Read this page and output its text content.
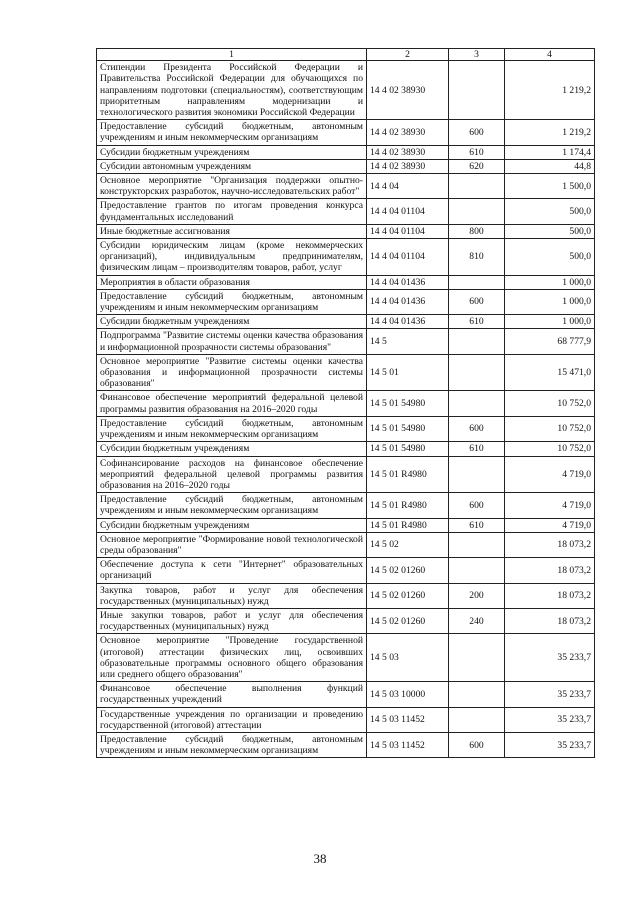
1	2	3	4
Стипендии Президента Российской Федерации и Правительства Российской Федерации для обучающихся по направлениям подготовки (специальностям), соответствующим приоритетным направлениям модернизации и технологического развития экономики Российской Федерации	14 4 02 38930		1 219,2
Предоставление субсидий бюджетным, автономным учреждениям и иным некоммерческим организациям	14 4 02 38930	600	1 219,2
Субсидии бюджетным учреждениям	14 4 02 38930	610	1 174,4
Субсидии автономным учреждениям	14 4 02 38930	620	44,8
Основное мероприятие "Организация поддержки опытно-конструкторских разработок, научно-исследовательских работ"	14 4 04		1 500,0
Предоставление грантов по итогам проведения конкурса фундаментальных исследований	14 4 04 01104		500,0
Иные бюджетные ассигнования	14 4 04 01104	800	500,0
Субсидии юридическим лицам (кроме некоммерческих организаций), индивидуальным предпринимателям, физическим лицам – производителям товаров, работ, услуг	14 4 04 01104	810	500,0
Мероприятия в области образования	14 4 04 01436		1 000,0
Предоставление субсидий бюджетным, автономным учреждениям и иным некоммерческим организациям	14 4 04 01436	600	1 000,0
Субсидии бюджетным учреждениям	14 4 04 01436	610	1 000,0
Подпрограмма "Развитие системы оценки качества образования и информационной прозрачности системы образования"	14 5		68 777,9
Основное мероприятие "Развитие системы оценки качества образования и информационной прозрачности системы образования"	14 5 01		15 471,0
Финансовое обеспечение мероприятий федеральной целевой программы развития образования на 2016–2020 годы	14 5 01 54980		10 752,0
Предоставление субсидий бюджетным, автономным учреждениям и иным некоммерческим организациям	14 5 01 54980	600	10 752,0
Субсидии бюджетным учреждениям	14 5 01 54980	610	10 752,0
Софинансирование расходов на финансовое обеспечение мероприятий федеральной целевой программы развития образования на 2016–2020 годы	14 5 01 R4980		4 719,0
Предоставление субсидий бюджетным, автономным учреждениям и иным некоммерческим организациям	14 5 01 R4980	600	4 719,0
Субсидии бюджетным учреждениям	14 5 01 R4980	610	4 719,0
Основное мероприятие "Формирование новой технологической среды образования"	14 5 02		18 073,2
Обеспечение доступа к сети "Интернет" образовательных организаций	14 5 02 01260		18 073,2
Закупка товаров, работ и услуг для обеспечения государственных (муниципальных) нужд	14 5 02 01260	200	18 073,2
Иные закупки товаров, работ и услуг для обеспечения государственных (муниципальных) нужд	14 5 02 01260	240	18 073,2
Основное мероприятие "Проведение государственной (итоговой) аттестации физических лиц, освоивших образовательные программы основного общего образования или среднего общего образования"	14 5 03		35 233,7
Финансовое обеспечение выполнения функций государственных учреждений	14 5 03 10000		35 233,7
Государственные учреждения по организации и проведению государственной (итоговой) аттестации	14 5 03 11452		35 233,7
Предоставление субсидий бюджетным, автономным учреждениям и иным некоммерческим организациям	14 5 03 11452	600	35 233,7
38
